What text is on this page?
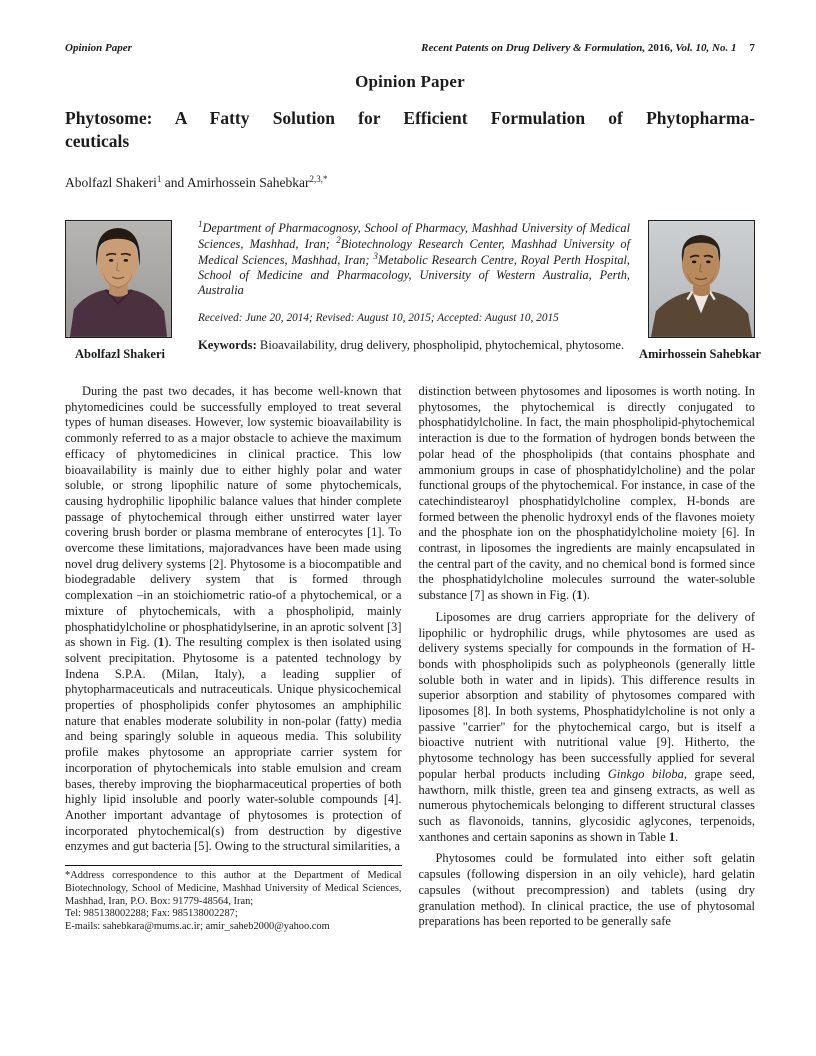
Opinion Paper	Recent Patents on Drug Delivery & Formulation, 2016, Vol. 10, No. 1 7
Opinion Paper
Phytosome: A Fatty Solution for Efficient Formulation of Phytopharma-
ceuticals
Abolfazl Shakeri$^1$ and Amirhossein Sahebkar$^{2,3,*}$
Abolfazl Shakeri

$^1$Department of Pharmacognosy, School of Pharmacy, Mashhad University of Medical Sciences, Mashhad, Iran; $^2$Biotechnology Research Center, Mashhad University of Medical Sciences, Mashhad, Iran; $^3$Metabolic Research Centre, Royal Perth Hospital, School of Medicine and Pharmacology, University of Western Australia, Perth, Australia

Received: June 20, 2014; Revised: August 10, 2015; Accepted: August 10, 2015

Keywords: Bioavailability, drug delivery, phospholipid, phytochemical, phytosome.

Amirhossein Sahebkar

During the past two decades, it has become well-known that phytomedicines could be successfully employed to treat several types of human diseases. However, low systemic bioavailability is commonly referred to as a major obstacle to achieve the maximum efficacy of phytomedicines in clinical practice. This low bioavailability is mainly due to either highly polar and water soluble, or strong lipophilic nature of some phytochemicals, causing hydrophilic lipophilic balance values that hinder complete passage of phytochemical through either unstirred water layer covering brush border or plasma membrane of enterocytes [1]. To overcome these limitations, majoradvances have been made using novel drug delivery systems [2]. Phytosome is a biocompatible and biodegradable delivery system that is formed through complexation –in an stoichiometric ratio-of a phytochemical, or a mixture of phytochemicals, with a phospholipid, mainly phosphatidylcholine or phosphatidylserine, in an aprotic solvent [3] as shown in Fig. (1). The resulting complex is then isolated using solvent precipitation. Phytosome is a patented technology by Indena S.P.A. (Milan, Italy), a leading supplier of phytopharmaceuticals and nutraceuticals. Unique physicochemical properties of phospholipids confer phytosomes an amphiphilic nature that enables moderate solubility in non-polar (fatty) media and being sparingly soluble in aqueous media. This solubility profile makes phytosome an appropriate carrier system for incorporation of phytochemicals into stable emulsion and cream bases, thereby improving the biopharmaceutical properties of both highly lipid insoluble and poorly water-soluble compounds [4]. Another important advantage of phytosomes is protection of incorporated phytochemical(s) from destruction by digestive enzymes and gut bacteria [5]. Owing to the structural similarities, a

*Address correspondence to this author at the Department of Medical Biotechnology, School of Medicine, Mashhad University of Medical Sciences, Mashhad, Iran, P.O. Box: 91779-48564, Iran;
Tel: 985138002288; Fax: 985138002287;
E-mails: sahebkara@mums.ac.ir; amir_saheb2000@yahoo.com

distinction between phytosomes and liposomes is worth noting. In phytosomes, the phytochemical is directly conjugated to phosphatidylcholine. In fact, the main phospholipid-phytochemical interaction is due to the formation of hydrogen bonds between the polar head of the phospholipids (that contains phosphate and ammonium groups in case of phosphatidylcholine) and the polar functional groups of the phytochemical. For instance, in case of the catechindistearoyl phosphatidylcholine complex, H-bonds are formed between the phenolic hydroxyl ends of the flavones moiety and the phosphate ion on the phosphatidylcholine moiety [6]. In contrast, in liposomes the ingredients are mainly encapsulated in the central part of the cavity, and no chemical bond is formed since the phosphatidylcholine molecules surround the water-soluble substance [7] as shown in Fig. (1).

Liposomes are drug carriers appropriate for the delivery of lipophilic or hydrophilic drugs, while phytosomes are used as delivery systems specially for compounds in the formation of H-bonds with phospholipids such as polypheonols (generally little soluble both in water and in lipids). This difference results in superior absorption and stability of phytosomes compared with liposomes [8]. In both systems, Phosphatidylcholine is not only a passive "carrier" for the phytochemical cargo, but is itself a bioactive nutrient with nutritional value [9]. Hitherto, the phytosome technology has been successfully applied for several popular herbal products including Ginkgo biloba, grape seed, hawthorn, milk thistle, green tea and ginseng extracts, as well as numerous phytochemicals belonging to different structural classes such as flavonoids, tannins, glycosidic aglycones, terpenoids, xanthones and certain saponins as shown in Table 1.

Phytosomes could be formulated into either soft gelatin capsules (following dispersion in an oily vehicle), hard gelatin capsules (without precompression) and tablets (using dry granulation method). In clinical practice, the use of phytosomal preparations has been reported to be generally safe
